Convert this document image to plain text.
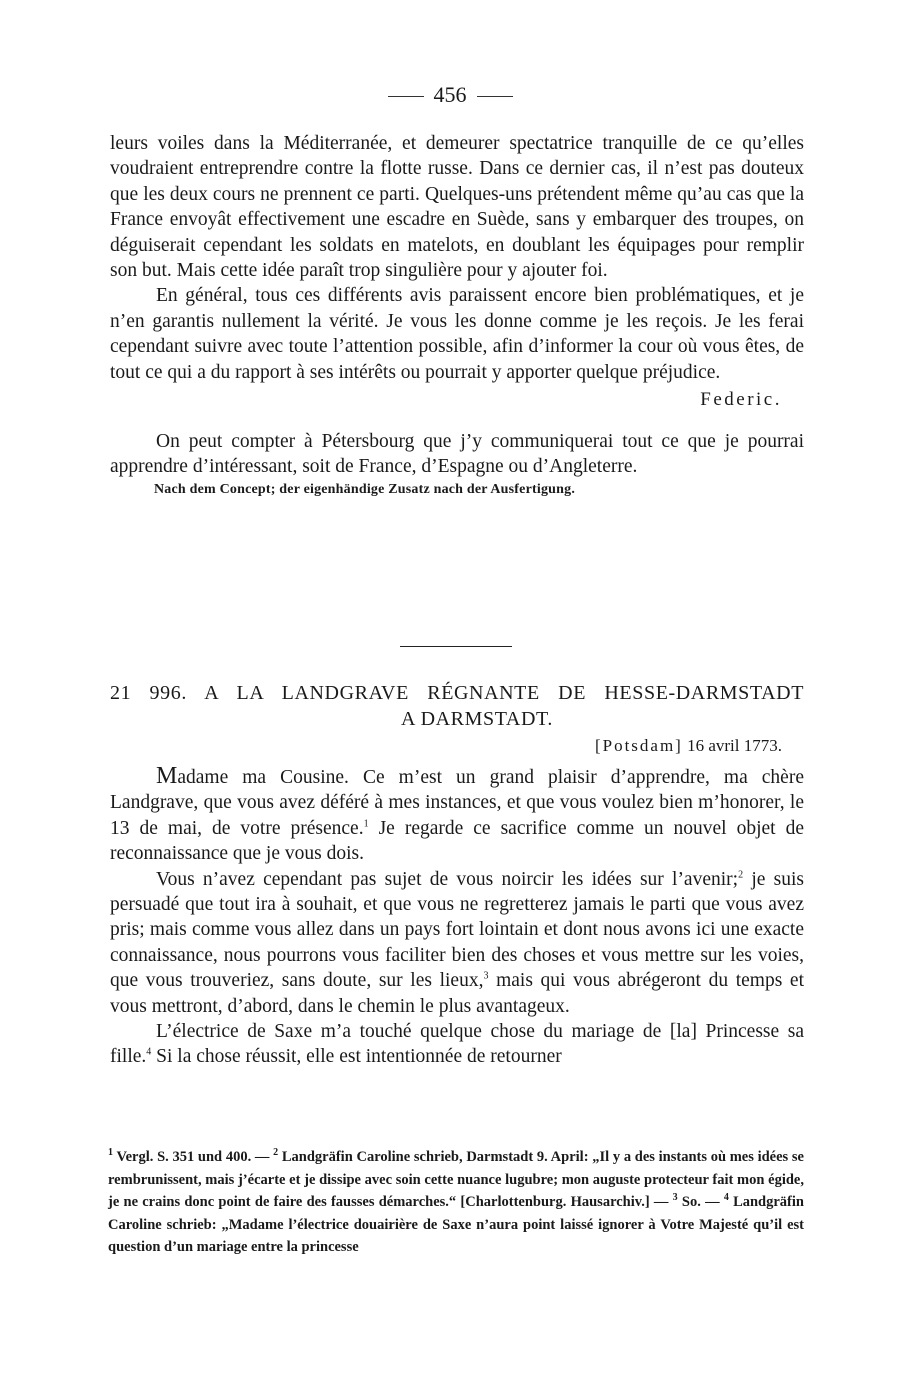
456

leurs voiles dans la Méditerranée, et demeurer spectatrice tranquille de ce qu’elles voudraient entreprendre contre la flotte russe. Dans ce dernier cas, il n’est pas douteux que les deux cours ne prennent ce parti. Quelques-uns prétendent même qu’au cas que la France envoyât effectivement une escadre en Suède, sans y embarquer des troupes, on déguiserait cependant les soldats en matelots, en doublant les équipages pour remplir son but. Mais cette idée paraît trop singulière pour y ajouter foi.

En général, tous ces différents avis paraissent encore bien problématiques, et je n’en garantis nullement la vérité. Je vous les donne comme je les reçois. Je les ferai cependant suivre avec toute l’attention possible, afin d’informer la cour où vous êtes, de tout ce qui a du rapport à ses intérêts ou pourrait y apporter quelque préjudice.

Federic.

On peut compter à Pétersbourg que j’y communiquerai tout ce que je pourrai apprendre d’intéressant, soit de France, d’Espagne ou d’Angleterre.

Nach dem Concept; der eigenhändige Zusatz nach der Ausfertigung.

21 996. A LA LANDGRAVE RÉGNANTE DE HESSE-DARMSTADT
A DARMSTADT.
[Potsdam] 16 avril 1773.

Madame ma Cousine. Ce m’est un grand plaisir d’apprendre, ma chère Landgrave, que vous avez déféré à mes instances, et que vous voulez bien m’honorer, le 13 de mai, de votre présence.$^1$ Je regarde ce sacrifice comme un nouvel objet de reconnaissance que je vous dois.

Vous n’avez cependant pas sujet de vous noircir les idées sur l’avenir;$^2$ je suis persuadé que tout ira à souhait, et que vous ne regretterez jamais le parti que vous avez pris; mais comme vous allez dans un pays fort lointain et dont nous avons ici une exacte connaissance, nous pourrons vous faciliter bien des choses et vous mettre sur les voies, que vous trouveriez, sans doute, sur les lieux,$^3$ mais qui vous abrégeront du temps et vous mettront, d’abord, dans le chemin le plus avantageux.

L’électrice de Saxe m’a touché quelque chose du mariage de [la] Princesse sa fille.$^4$ Si la chose réussit, elle est intentionnée de retourner

$^1$ Vergl. S. 351 und 400. — $^2$ Landgräfin Caroline schrieb, Darmstadt 9. April: „Il y a des instants où mes idées se rembrunissent, mais j’écarte et je dissipe avec soin cette nuance lugubre; mon auguste protecteur fait mon égide, je ne crains donc point de faire des fausses démarches.“ [Charlottenburg. Hausarchiv.] — $^3$ So. — $^4$ Landgräfin Caroline schrieb: „Madame l’électrice douairière de Saxe n’aura point laissé ignorer à Votre Majesté qu’il est question d’un mariage entre la princesse
